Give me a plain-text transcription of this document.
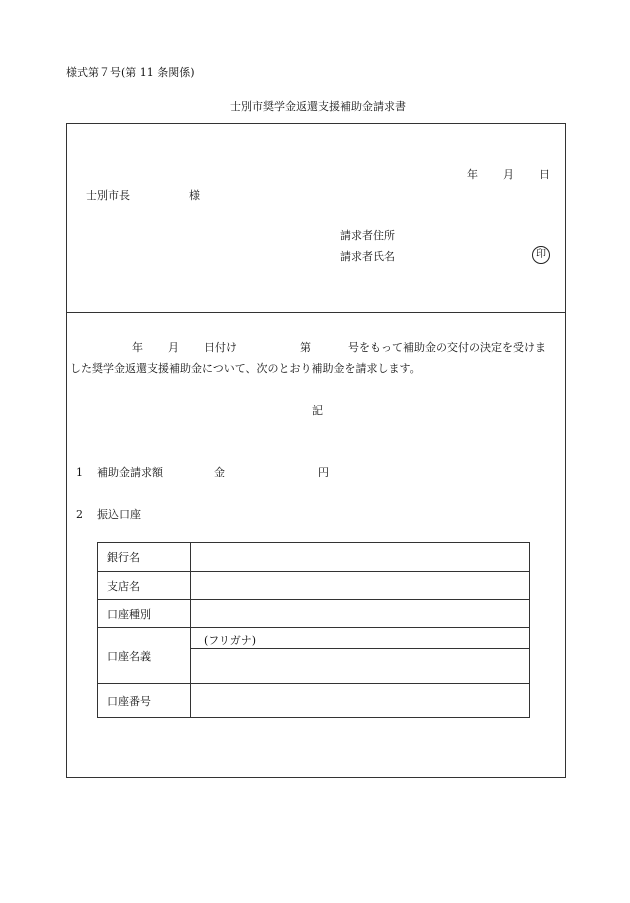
様式第７号(第 11 条関係)
士別市奨学金返還支援補助金請求書
年 月 日
士別市長	様
請求者住所
請求者氏名	印
年 月 日付け	第	号をもって補助金の交付の決定を受けま
した奨学金返還支援補助金について、次のとおり補助金を請求します。
記
1 補助金請求額	金	円
2 振込口座
銀行名	
支店名	
口座種別	
口座名義	(フリガナ)

口座番号	
